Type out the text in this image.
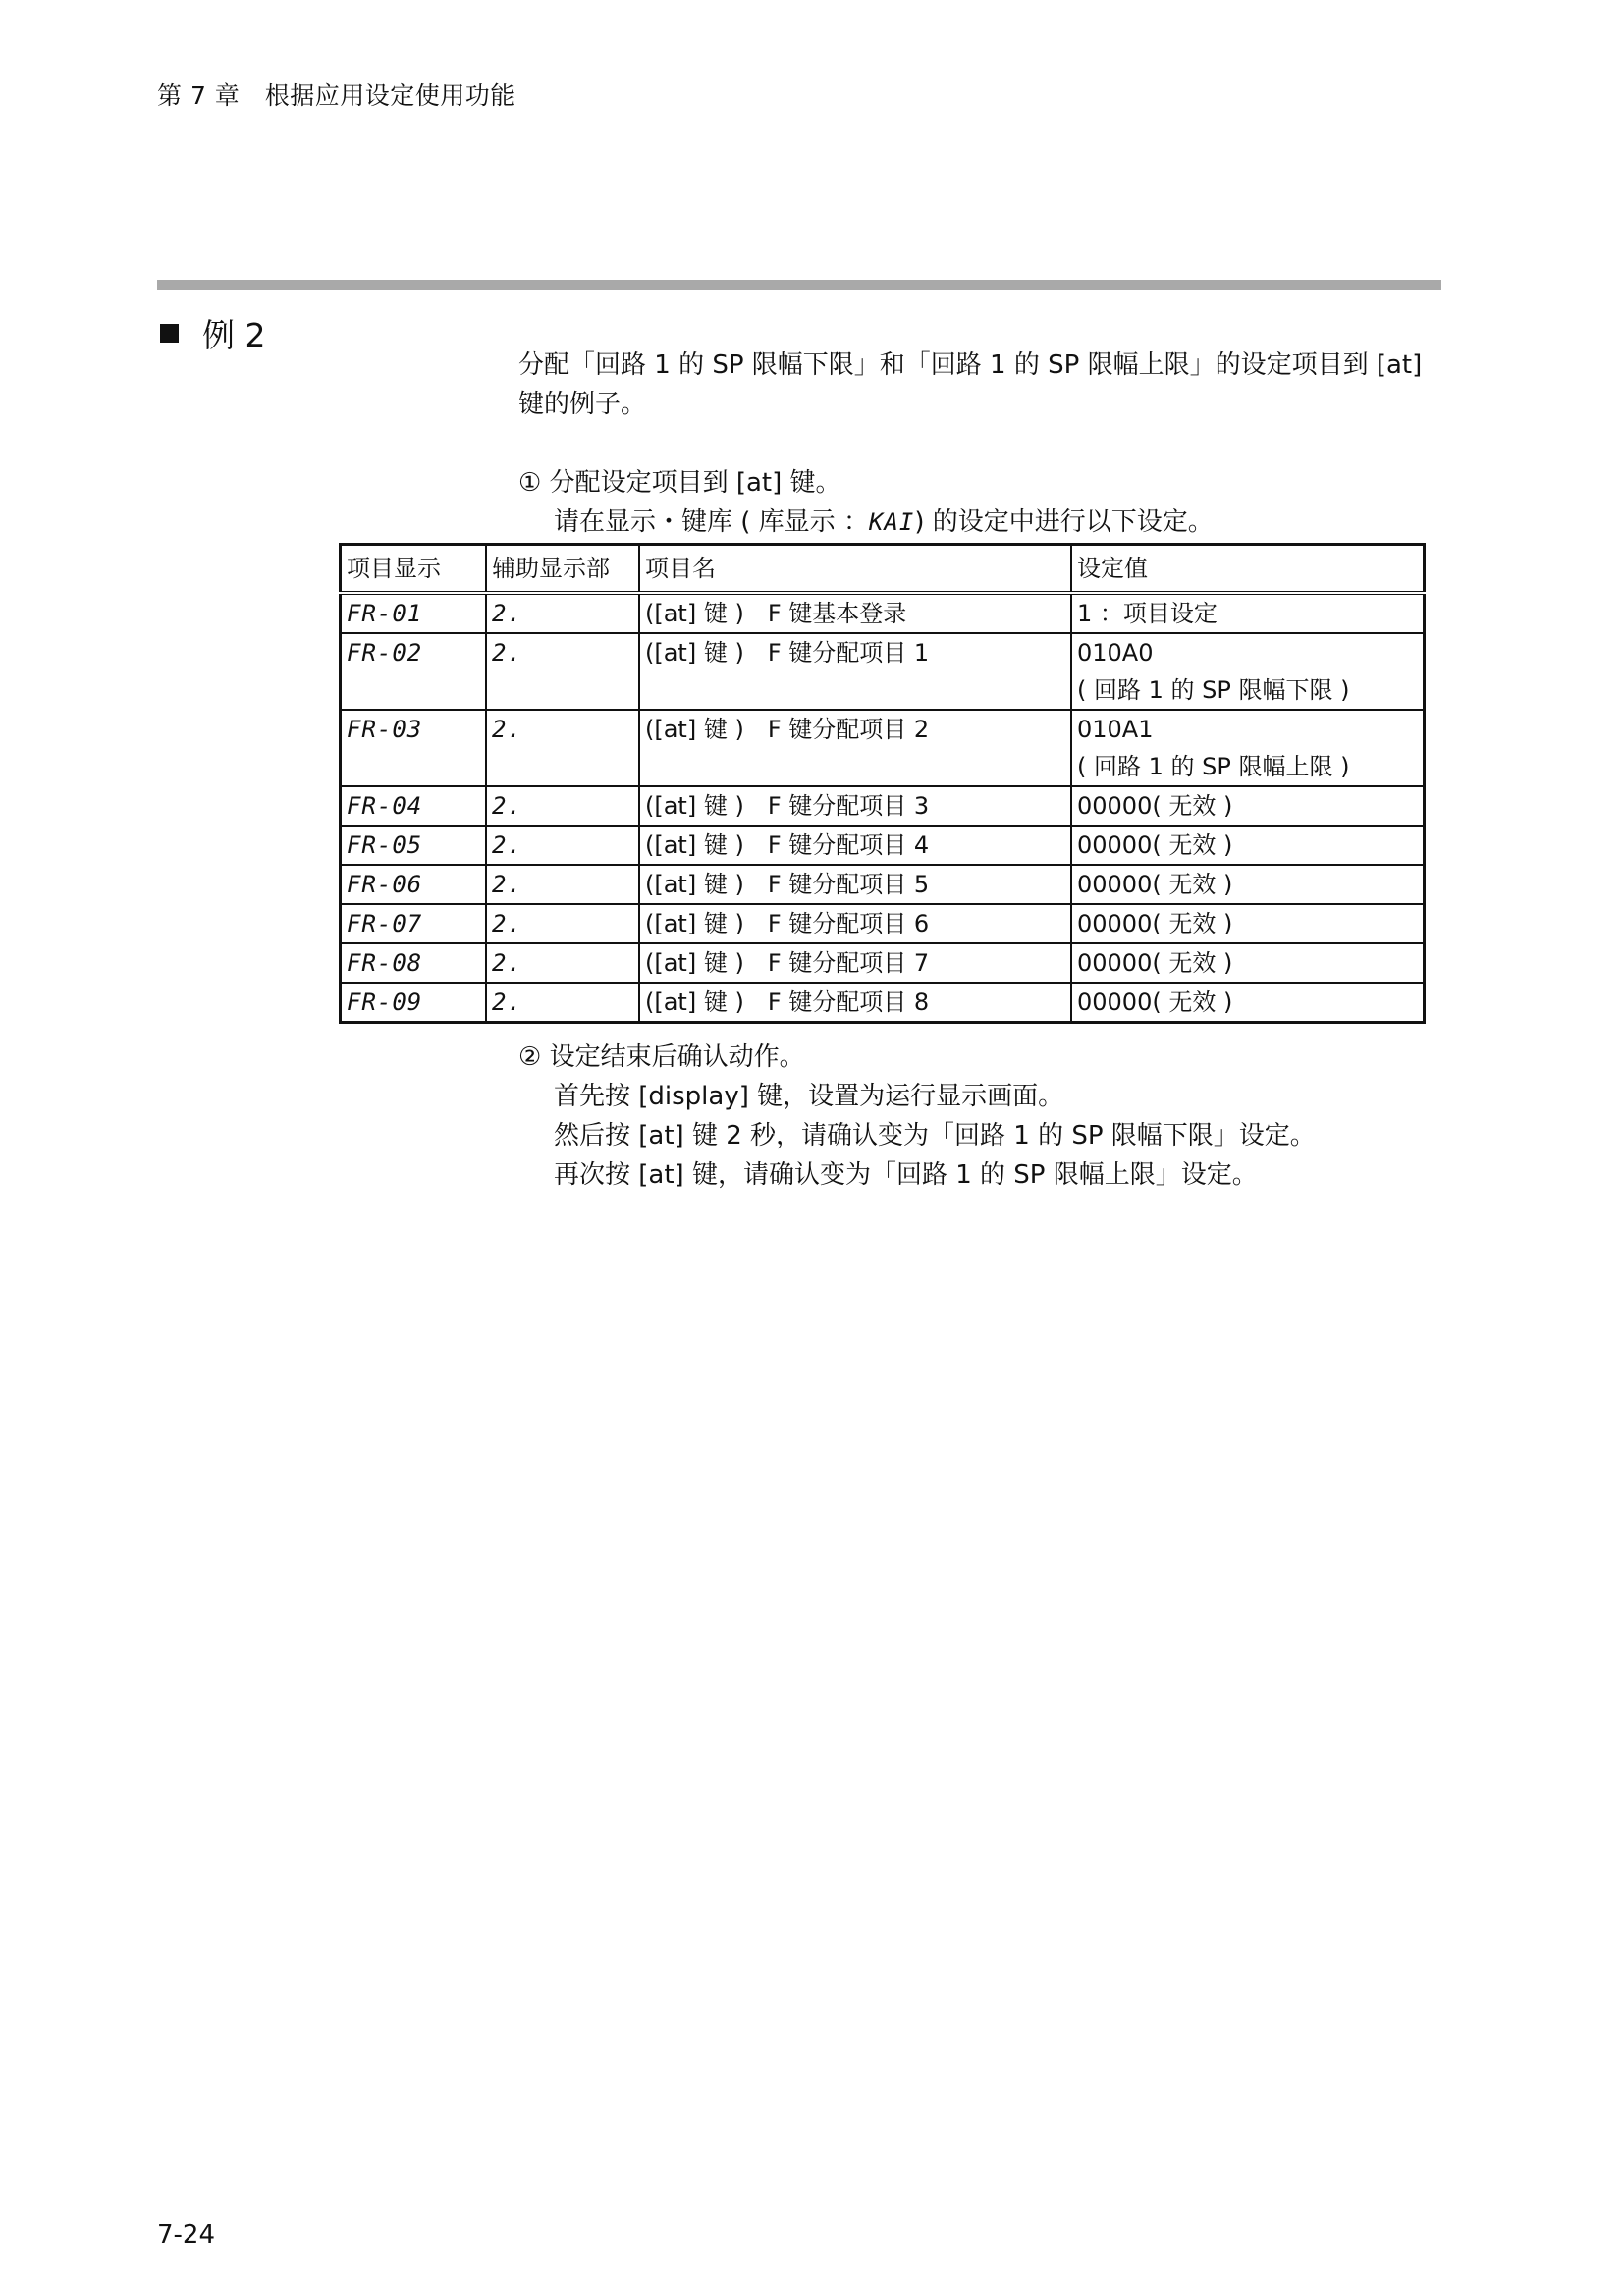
第 7 章　根据应用设定使用功能
例 2
分配「回路 1 的 SP 限幅下限」和「回路 1 的 SP 限幅上限」的设定项目到 [at] 键的例子。
① 分配设定项目到 [at] 键。
请在显示・键库 ( 库显示 ：KAI) 的设定中进行以下设定。
项目显示	辅助显示部	项目名	设定值
FR-01	2.	([at] 键 )　F 键基本登录	1 ：项目设定
FR-02	2.	([at] 键 )　F 键分配项目 1	010A0
( 回路 1 的 SP 限幅下限 )

FR-03	2.	([at] 键 )　F 键分配项目 2	010A1
( 回路 1 的 SP 限幅上限 )

FR-04	2.	([at] 键 )　F 键分配项目 3	00000( 无效 )
FR-05	2.	([at] 键 )　F 键分配项目 4	00000( 无效 )
FR-06	2.	([at] 键 )　F 键分配项目 5	00000( 无效 )
FR-07	2.	([at] 键 )　F 键分配项目 6	00000( 无效 )
FR-08	2.	([at] 键 )　F 键分配项目 7	00000( 无效 )
FR-09	2.	([at] 键 )　F 键分配项目 8	00000( 无效 )
② 设定结束后确认动作。
首先按 [display] 键，设置为运行显示画面。
然后按 [at] 键 2 秒，请确认变为「回路 1 的 SP 限幅下限」设定。
再次按 [at] 键，请确认变为「回路 1 的 SP 限幅上限」设定。
7-24
